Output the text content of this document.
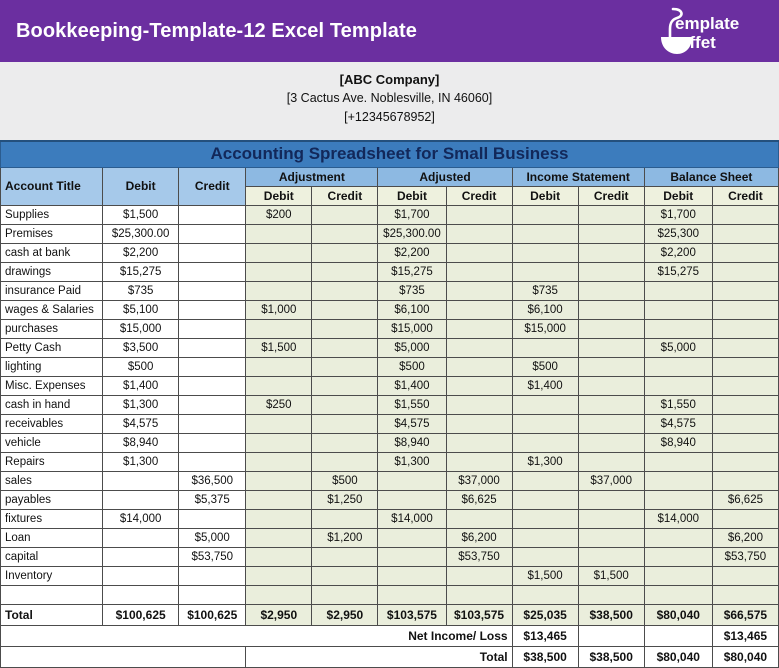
Bookkeeping-Template-12 Excel Template	emplate
uffet
[ABC Company]
[3 Cactus Ave. Noblesville, IN 46060]
[+12345678952]
Accounting Spreadsheet for Small Business										
Account Title	Debit	Credit	Adjustment		Adjusted		Income Statement		Balance Sheet	
			Debit	Credit	Debit	Credit	Debit	Credit	Debit	Credit
Supplies	$1,500		$200		$1,700				$1,700	
Premises	$25,300.00				$25,300.00				$25,300	
cash at bank	$2,200				$2,200				$2,200	
drawings	$15,275				$15,275				$15,275	
insurance Paid	$735				$735		$735			
wages & Salaries	$5,100		$1,000		$6,100		$6,100			
purchases	$15,000				$15,000		$15,000			
Petty Cash	$3,500		$1,500		$5,000				$5,000	
lighting	$500				$500		$500			
Misc. Expenses	$1,400				$1,400		$1,400			
cash in hand	$1,300		$250		$1,550				$1,550	
receivables	$4,575				$4,575				$4,575	
vehicle	$8,940				$8,940				$8,940	
Repairs	$1,300				$1,300		$1,300			
sales		$36,500		$500		$37,000		$37,000		
payables		$5,375		$1,250		$6,625				$6,625
fixtures	$14,000				$14,000				$14,000	
Loan		$5,000		$1,200		$6,200				$6,200
capital		$53,750				$53,750				$53,750
Inventory							$1,500	$1,500		

Total	$100,625	$100,625	$2,950	$2,950	$103,575	$103,575	$25,035	$38,500	$80,040	$66,575
Net Income/ Loss							$13,465			$13,465
			Total				$38,500	$38,500	$80,040	$80,040
